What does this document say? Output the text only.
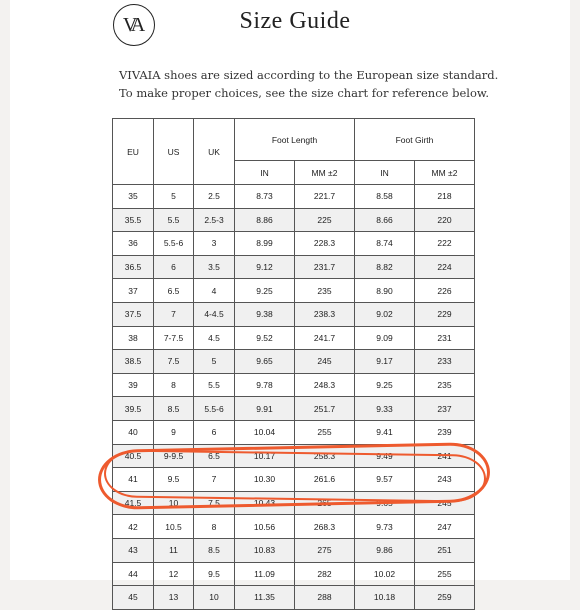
VA	Size Guide
VIVAIA shoes are sized according to the European size standard.
To make proper choices, see the size chart for reference below.
EU	US	UK	Foot Length		Foot Girth	
			IN	MM ±2	IN	MM ±2
35	5	2.5	8.73	221.7	8.58	218
35.5	5.5	2.5-3	8.86	225	8.66	220
36	5.5-6	3	8.99	228.3	8.74	222
36.5	6	3.5	9.12	231.7	8.82	224
37	6.5	4	9.25	235	8.90	226
37.5	7	4-4.5	9.38	238.3	9.02	229
38	7-7.5	4.5	9.52	241.7	9.09	231
38.5	7.5	5	9.65	245	9.17	233
39	8	5.5	9.78	248.3	9.25	235
39.5	8.5	5.5-6	9.91	251.7	9.33	237
40	9	6	10.04	255	9.41	239
40.5	9-9.5	6.5	10.17	258.3	9.49	241
41	9.5	7	10.30	261.6	9.57	243
41.5	10	7.5	10.43	265	9.65	245
42	10.5	8	10.56	268.3	9.73	247
43	11	8.5	10.83	275	9.86	251
44	12	9.5	11.09	282	10.02	255
45	13	10	11.35	288	10.18	259
